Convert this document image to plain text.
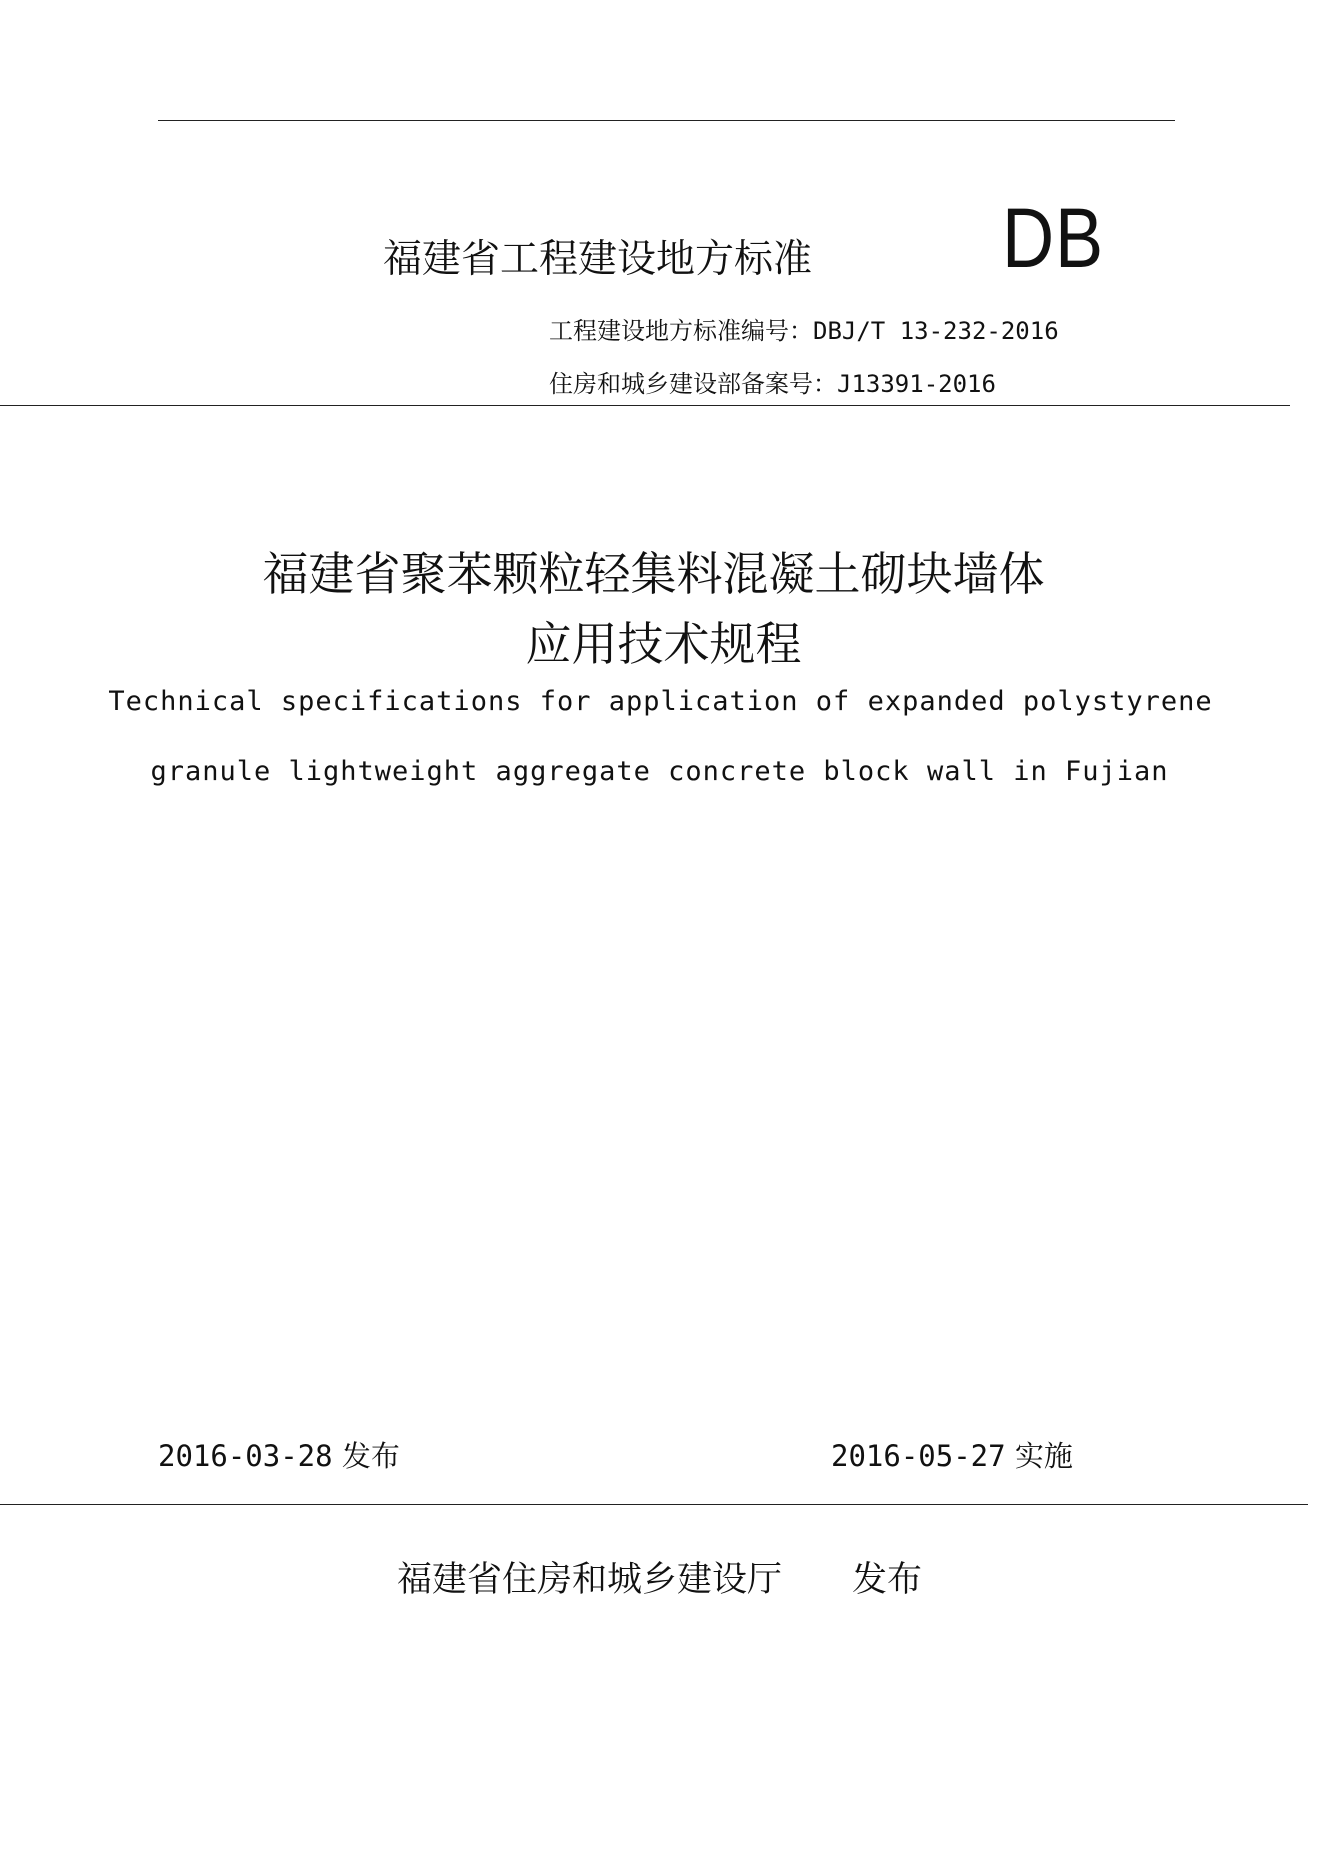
福建省工程建设地方标准 DB
工程建设地方标准编号：DBJ/T 13-232-2016
住房和城乡建设部备案号：J13391-2016
福建省聚苯颗粒轻集料混凝土砌块墙体
应用技术规程
Technical specifications for application of expanded polystyrene
granule lightweight aggregate concrete block wall in Fujian
2016-03-28 发布	2016-05-27 实施
福建省住房和城乡建设厅 发布
